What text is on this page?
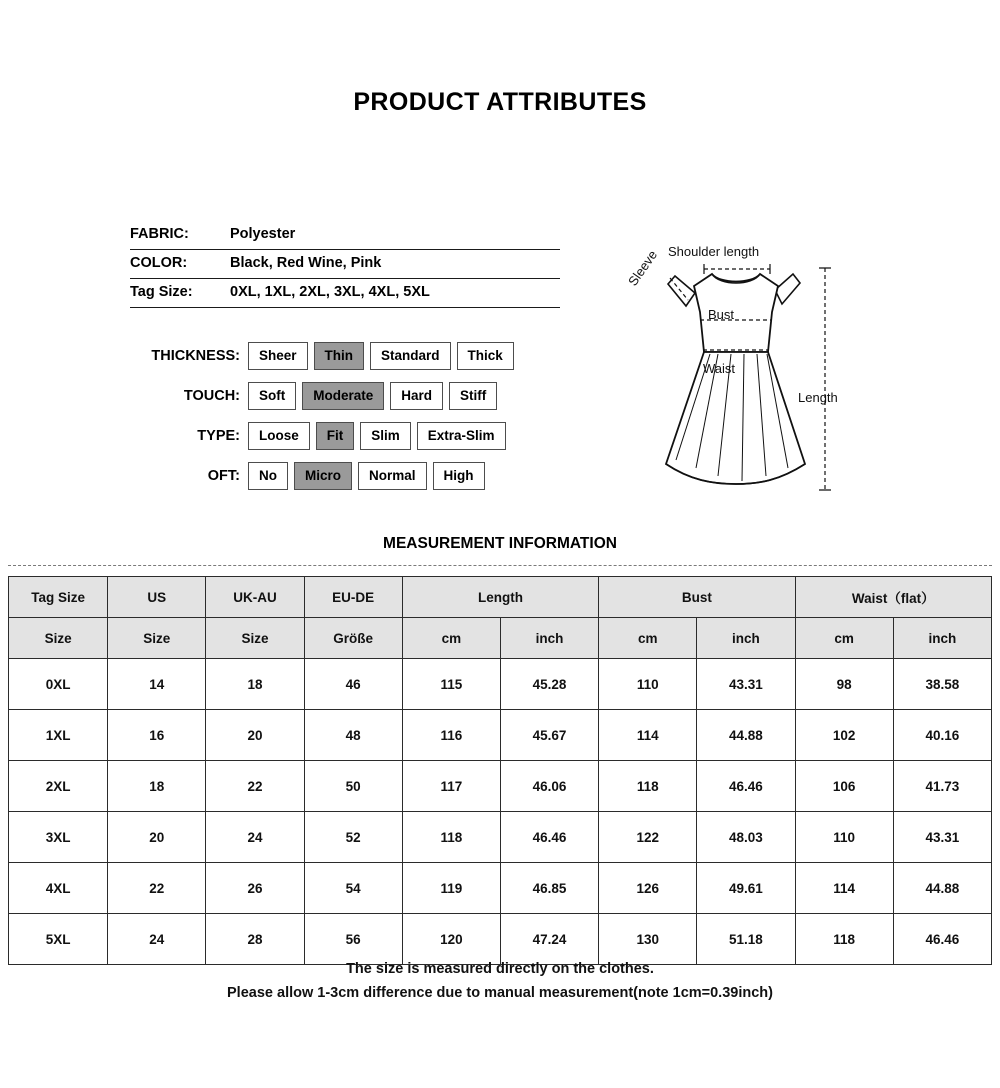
PRODUCT ATTRIBUTES
FABRIC:	Polyester
COLOR:	Black, Red Wine, Pink
Tag Size:	0XL, 1XL, 2XL, 3XL, 4XL, 5XL
THICKNESS:	Sheer	Thin	Standard	Thick
TOUCH:	Soft	Moderate	Hard	Stiff
TYPE:	Loose	Fit	Slim	Extra-Slim
OFT:	No	Micro	Normal	High
Shoulder length
Bust
Waist
Length
Sleeve
MEASUREMENT INFORMATION
Tag Size	US	UK-AU	EU-DE	Length		Bust		Waist（flat）	
Size	Size	Size	Größe	cm	inch	cm	inch	cm	inch
0XL	14	18	46	115	45.28	110	43.31	98	38.58
1XL	16	20	48	116	45.67	114	44.88	102	40.16
2XL	18	22	50	117	46.06	118	46.46	106	41.73
3XL	20	24	52	118	46.46	122	48.03	110	43.31
4XL	22	26	54	119	46.85	126	49.61	114	44.88
5XL	24	28	56	120	47.24	130	51.18	118	46.46

The size is measured directly on the clothes.

Please allow 1-3cm difference due to manual measurement(note 1cm=0.39inch)
